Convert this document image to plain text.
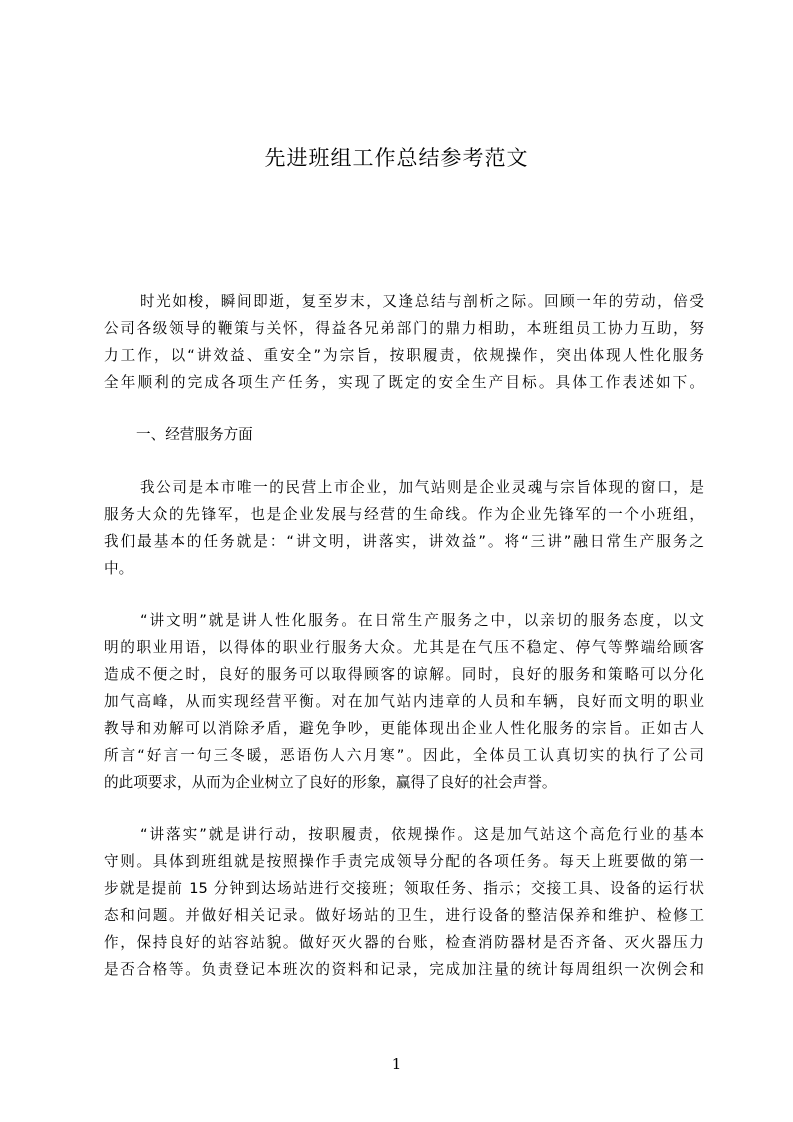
先进班组工作总结参考范文
时光如梭，瞬间即逝，复至岁末，又逢总结与剖析之际。回顾一年的劳动，倍受
公司各级领导的鞭策与关怀，得益各兄弟部门的鼎力相助，本班组员工协力互助，努
力工作，以“讲效益、重安全”为宗旨，按职履责，依规操作，突出体现人性化服务
全年顺利的完成各项生产任务，实现了既定的安全生产目标。具体工作表述如下。
一、经营服务方面
我公司是本市唯一的民营上市企业，加气站则是企业灵魂与宗旨体现的窗口，是
服务大众的先锋军，也是企业发展与经营的生命线。作为企业先锋军的一个小班组，
我们最基本的任务就是：“讲文明，讲落实，讲效益”。将“三讲”融日常生产服务之
中。
“讲文明”就是讲人性化服务。在日常生产服务之中，以亲切的服务态度，以文
明的职业用语，以得体的职业行服务大众。尤其是在气压不稳定、停气等弊端给顾客
造成不便之时，良好的服务可以取得顾客的谅解。同时，良好的服务和策略可以分化
加气高峰，从而实现经营平衡。对在加气站内违章的人员和车辆，良好而文明的职业
教导和劝解可以消除矛盾，避免争吵，更能体现出企业人性化服务的宗旨。正如古人
所言“好言一句三冬暖，恶语伤人六月寒”。因此，全体员工认真切实的执行了公司
的此项要求，从而为企业树立了良好的形象，赢得了良好的社会声誉。
“讲落实”就是讲行动，按职履责，依规操作。这是加气站这个高危行业的基本
守则。具体到班组就是按照操作手责完成领导分配的各项任务。每天上班要做的第一
步就是提前 15 分钟到达场站进行交接班；领取任务、指示；交接工具、设备的运行状
态和问题。并做好相关记录。做好场站的卫生，进行设备的整洁保养和维护、检修工
作，保持良好的站容站貌。做好灭火器的台账，检查消防器材是否齐备、灭火器压力
是否合格等。负责登记本班次的资料和记录，完成加注量的统计每周组织一次例会和
1
